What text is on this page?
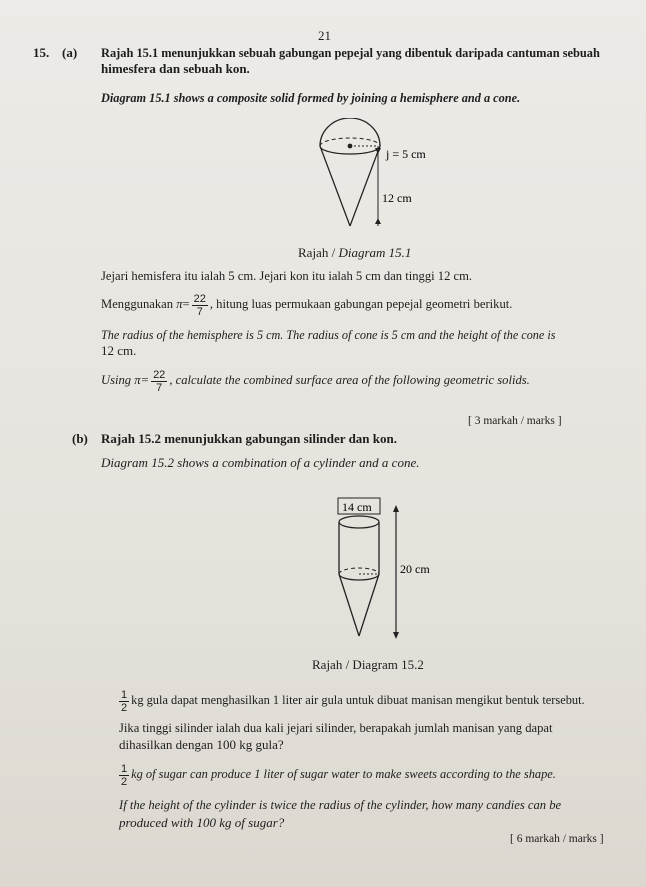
21
15. (a) Rajah 15.1 menunjukkan sebuah gabungan pepejal yang dibentuk daripada cantuman sebuah
himesfera dan sebuah kon.
Diagram 15.1 shows a composite solid formed by joining a hemisphere and a cone.
j = 5 cm
12 cm
Rajah / Diagram 15.1
Jejari hemisfera itu ialah 5 cm. Jejari kon itu ialah 5 cm dan tinggi 12 cm.
Menggunakan $\pi= \frac{22}{7}$ , hitung luas permukaan gabungan pepejal geometri berikut.
The radius of the hemisphere is 5 cm. The radius of cone is 5 cm and the height of the cone is
12 cm.
Using $\pi= \frac{22}{7}$ , calculate the combined surface area of the following geometric solids.
[ 3 markah / marks ]
(b) Rajah 15.2 menunjukkan gabungan silinder dan kon.
Diagram 15.2 shows a combination of a cylinder and a cone.
14 cm
20 cm
Rajah / Diagram 15.2
$\frac{1}{2}$ kg gula dapat menghasilkan 1 liter air gula untuk dibuat manisan mengikut bentuk tersebut.
Jika tinggi silinder ialah dua kali jejari silinder, berapakah jumlah manisan yang dapat
dihasilkan dengan 100 kg gula?
$\frac{1}{2}$ kg of sugar can produce 1 liter of sugar water to make sweets according to the shape.
If the height of the cylinder is twice the radius of the cylinder, how many candies can be
produced with 100 kg of sugar?
[ 6 markah / marks ]
